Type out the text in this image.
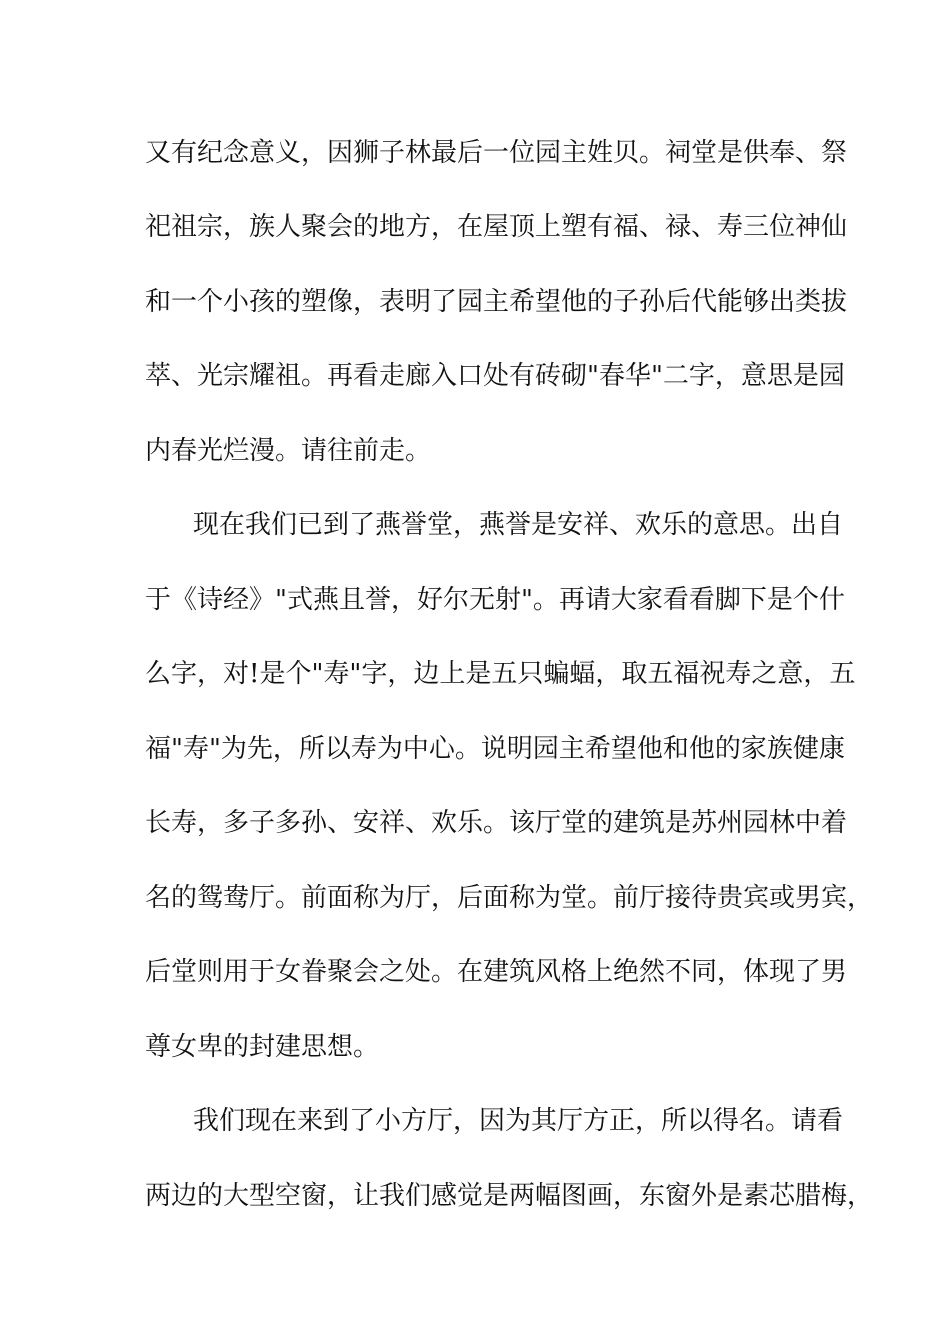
又有纪念意义，因狮子林最后一位园主姓贝。祠堂是供奉、祭
祀祖宗，族人聚会的地方，在屋顶上塑有福、禄、寿三位神仙
和一个小孩的塑像，表明了园主希望他的子孙后代能够出类拔
萃、光宗耀祖。再看走廊入口处有砖砌"春华"二字，意思是园
内春光烂漫。请往前走。
现在我们已到了燕誉堂，燕誉是安祥、欢乐的意思。出自
于《诗经》"式燕且誉，好尔无射"。再请大家看看脚下是个什
么字，对!是个"寿"字，边上是五只蝙蝠，取五福祝寿之意，五
福"寿"为先，所以寿为中心。说明园主希望他和他的家族健康
长寿，多子多孙、安祥、欢乐。该厅堂的建筑是苏州园林中着
名的鸳鸯厅。前面称为厅，后面称为堂。前厅接待贵宾或男宾，
后堂则用于女眷聚会之处。在建筑风格上绝然不同，体现了男
尊女卑的封建思想。
我们现在来到了小方厅，因为其厅方正，所以得名。请看
两边的大型空窗，让我们感觉是两幅图画，东窗外是素芯腊梅，
